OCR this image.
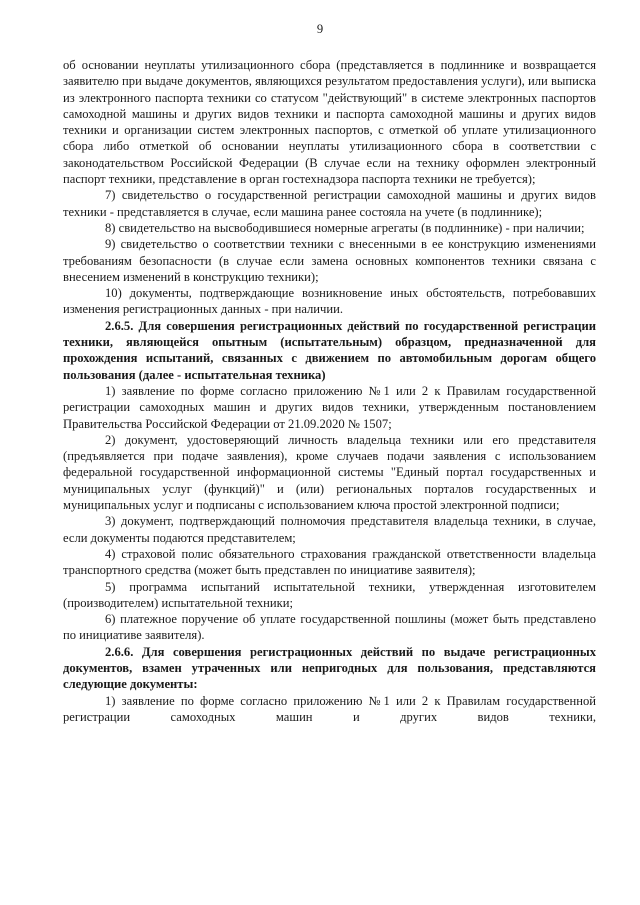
9

об основании неуплаты утилизационного сбора (представляется в подлиннике и возвращается заявителю при выдаче документов, являющихся результатом предоставления услуги), или выписка из электронного паспорта техники со статусом "действующий" в системе электронных паспортов самоходной машины и других видов техники и паспорта самоходной машины и других видов техники и организации систем электронных паспортов, с отметкой об уплате утилизационного сбора либо отметкой об основании неуплаты утилизационного сбора в соответствии с законодательством Российской Федерации (В случае если на технику оформлен электронный паспорт техники, представление в орган гостехнадзора паспорта техники не требуется);

7) свидетельство о государственной регистрации самоходной машины и других видов техники - представляется в случае, если машина ранее состояла на учете (в подлиннике);

8) свидетельство на высвободившиеся номерные агрегаты (в подлиннике) - при наличии;

9) свидетельство о соответствии техники с внесенными в ее конструкцию изменениями требованиям безопасности (в случае если замена основных компонентов техники связана с внесением изменений в конструкцию техники);

10) документы, подтверждающие возникновение иных обстоятельств, потребовавших изменения регистрационных данных - при наличии.

2.6.5. Для совершения регистрационных действий по государственной регистрации техники, являющейся опытным (испытательным) образцом, предназначенной для прохождения испытаний, связанных с движением по автомобильным дорогам общего пользования (далее - испытательная техника)

1) заявление по форме согласно приложению №1 или 2 к Правилам государственной регистрации самоходных машин и других видов техники, утвержденным постановлением Правительства Российской Федерации от 21.09.2020 № 1507;

2) документ, удостоверяющий личность владельца техники или его представителя (предъявляется при подаче заявления), кроме случаев подачи заявления с использованием федеральной государственной информационной системы "Единый портал государственных и муниципальных услуг (функций)" и (или) региональных порталов государственных и муниципальных услуг и подписаны с использованием ключа простой электронной подписи;

3) документ, подтверждающий полномочия представителя владельца техники, в случае, если документы подаются представителем;

4) страховой полис обязательного страхования гражданской ответственности владельца транспортного средства (может быть представлен по инициативе заявителя);

5) программа испытаний испытательной техники, утвержденная изготовителем (производителем) испытательной техники;

6) платежное поручение об уплате государственной пошлины (может быть представлено по инициативе заявителя).

2.6.6. Для совершения регистрационных действий по выдаче регистрационных документов, взамен утраченных или непригодных для пользования, представляются следующие документы:

1) заявление по форме согласно приложению №1 или 2 к Правилам государственной регистрации самоходных машин и других видов техники,
